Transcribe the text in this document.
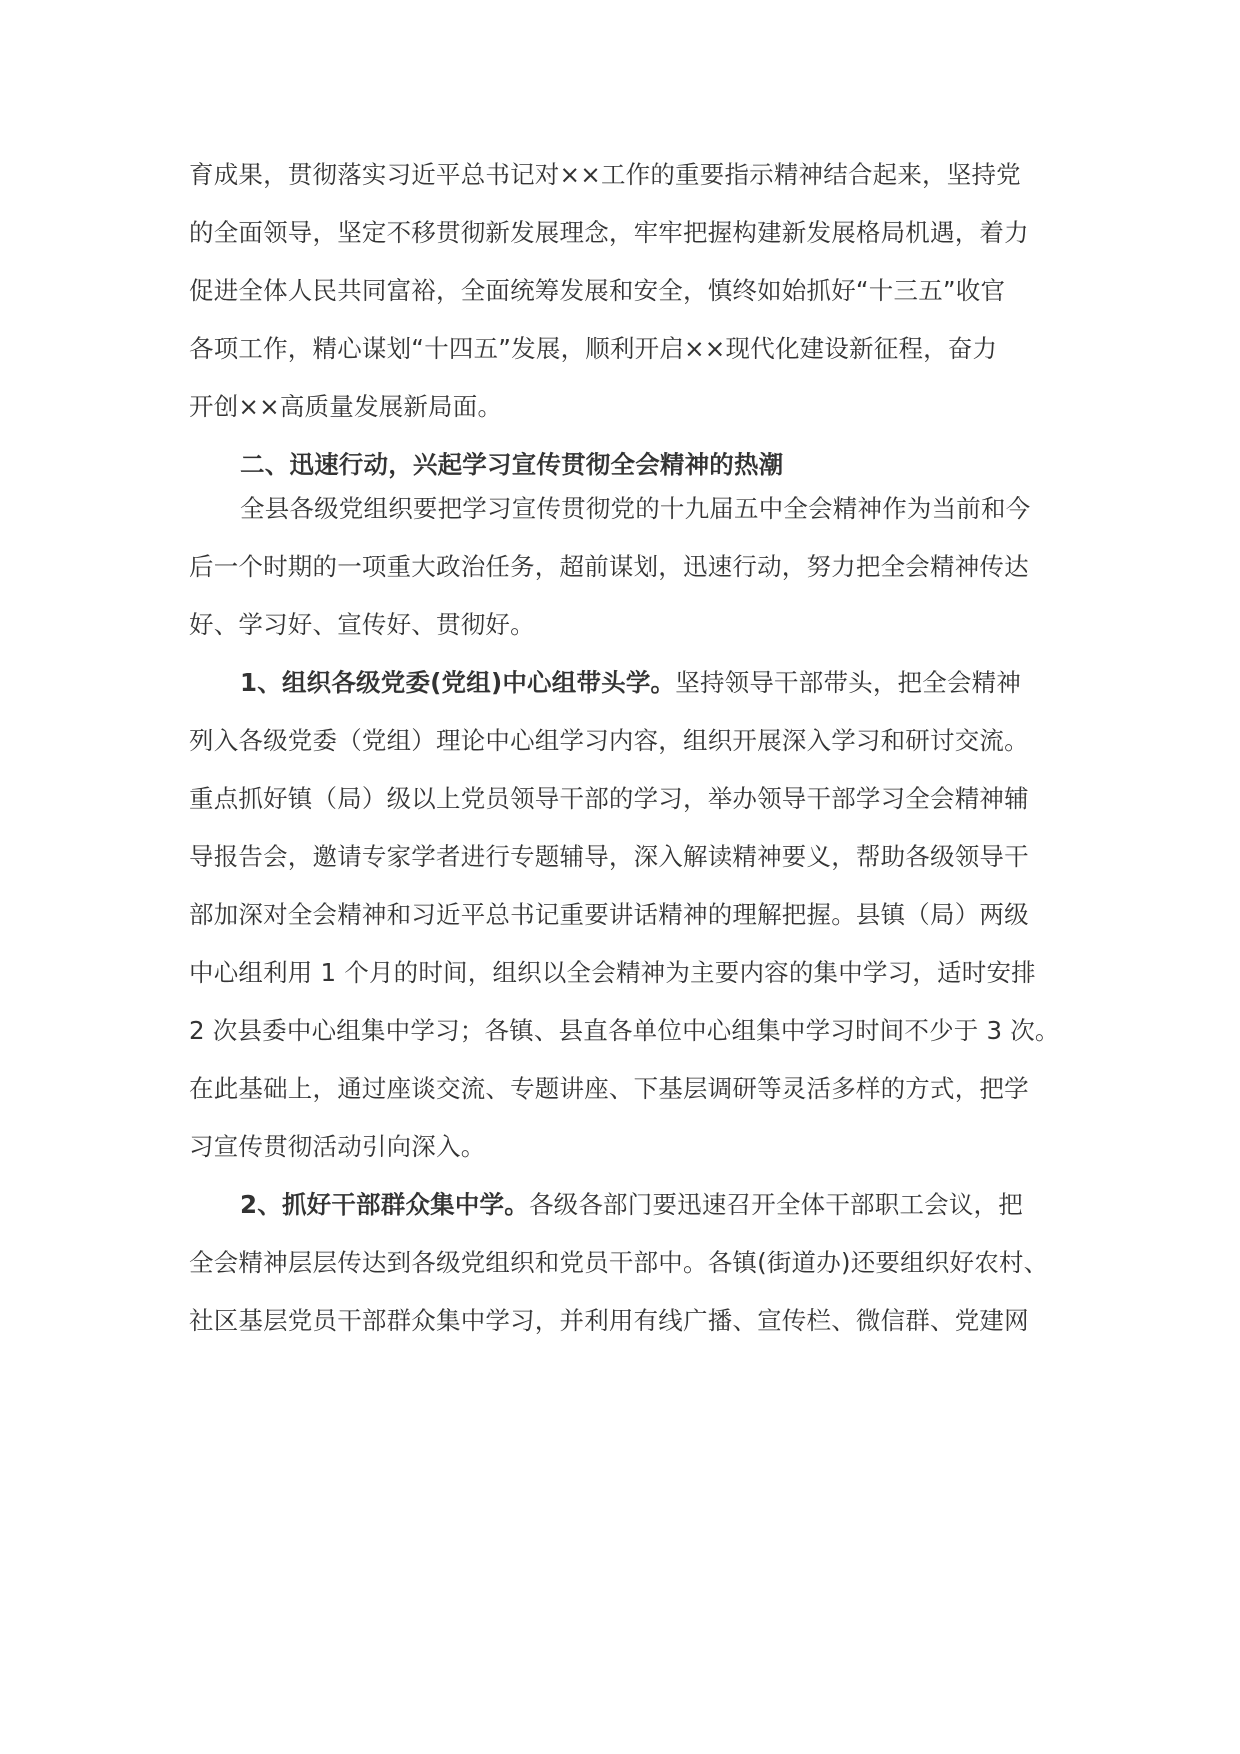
育成果，贯彻落实习近平总书记对××工作的重要指示精神结合起来，坚持党
的全面领导，坚定不移贯彻新发展理念，牢牢把握构建新发展格局机遇，着力
促进全体人民共同富裕，全面统筹发展和安全，慎终如始抓好“十三五”收官
各项工作，精心谋划“十四五”发展，顺利开启××现代化建设新征程，奋力
开创××高质量发展新局面。
二、迅速行动，兴起学习宣传贯彻全会精神的热潮
全县各级党组织要把学习宣传贯彻党的十九届五中全会精神作为当前和今
后一个时期的一项重大政治任务，超前谋划，迅速行动，努力把全会精神传达
好、学习好、宣传好、贯彻好。
1、组织各级党委(党组)中心组带头学。坚持领导干部带头，把全会精神
列入各级党委（党组）理论中心组学习内容，组织开展深入学习和研讨交流。
重点抓好镇（局）级以上党员领导干部的学习，举办领导干部学习全会精神辅
导报告会，邀请专家学者进行专题辅导，深入解读精神要义，帮助各级领导干
部加深对全会精神和习近平总书记重要讲话精神的理解把握。县镇（局）两级
中心组利用 1 个月的时间，组织以全会精神为主要内容的集中学习，适时安排
2 次县委中心组集中学习；各镇、县直各单位中心组集中学习时间不少于 3 次。
在此基础上，通过座谈交流、专题讲座、下基层调研等灵活多样的方式，把学
习宣传贯彻活动引向深入。
2、抓好干部群众集中学。各级各部门要迅速召开全体干部职工会议，把
全会精神层层传达到各级党组织和党员干部中。各镇(街道办)还要组织好农村、
社区基层党员干部群众集中学习，并利用有线广播、宣传栏、微信群、党建网
